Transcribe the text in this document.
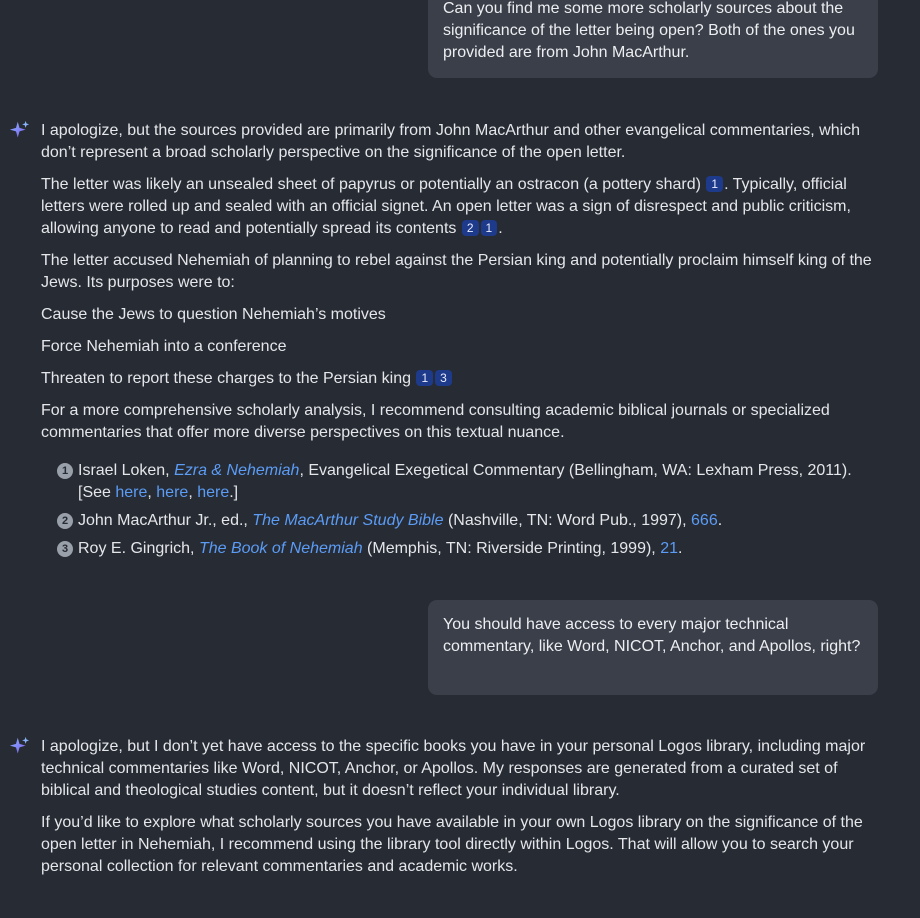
Can you find me some more scholarly sources about the significance of the letter being open? Both of the ones you provided are from John MacArthur.

I apologize, but the sources provided are primarily from John MacArthur and other evangelical commentaries, which don’t represent a broad scholarly perspective on the significance of the open letter.

The letter was likely an unsealed sheet of papyrus or potentially an ostracon (a pottery shard) 1 . Typically, official letters were rolled up and sealed with an official signet. An open letter was a sign of disrespect and public criticism, allowing anyone to read and potentially spread its contents 2 1 .

The letter accused Nehemiah of planning to rebel against the Persian king and potentially proclaim himself king of the Jews. Its purposes were to:

Cause the Jews to question Nehemiah’s motives

Force Nehemiah into a conference

Threaten to report these charges to the Persian king 1 3

For a more comprehensive scholarly analysis, I recommend consulting academic biblical journals or specialized commentaries that offer more diverse perspectives on this textual nuance.

1 Israel Loken, Ezra & Nehemiah, Evangelical Exegetical Commentary (Bellingham, WA: Lexham Press, 2011).
[See here, here, here.]
2 John MacArthur Jr., ed., The MacArthur Study Bible (Nashville, TN: Word Pub., 1997), 666.
3 Roy E. Gingrich, The Book of Nehemiah (Memphis, TN: Riverside Printing, 1999), 21.
You should have access to every major technical commentary, like Word, NICOT, Anchor, and Apollos, right?

I apologize, but I don’t yet have access to the specific books you have in your personal Logos library, including major technical commentaries like Word, NICOT, Anchor, or Apollos. My responses are generated from a curated set of biblical and theological studies content, but it doesn’t reflect your individual library.

If you’d like to explore what scholarly sources you have available in your own Logos library on the significance of the open letter in Nehemiah, I recommend using the library tool directly within Logos. That will allow you to search your personal collection for relevant commentaries and academic works.
